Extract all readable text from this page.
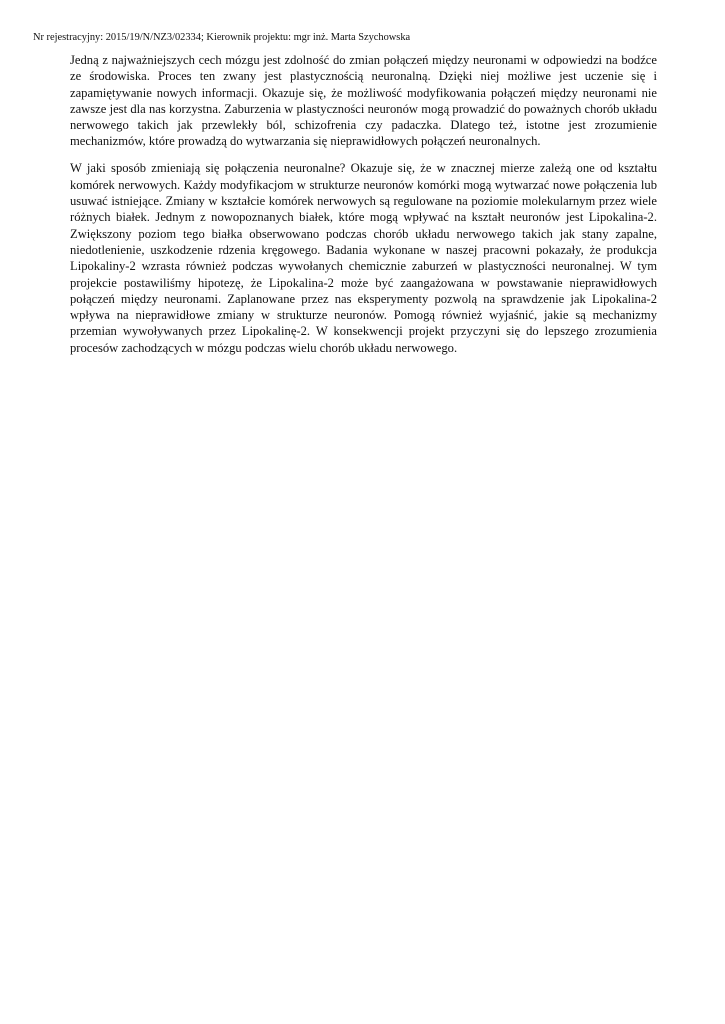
Nr rejestracyjny: 2015/19/N/NZ3/02334; Kierownik projektu: mgr inż. Marta Szychowska

Jedną z najważniejszych cech mózgu jest zdolność do zmian połączeń między neuronami w odpowiedzi na bodźce ze środowiska. Proces ten zwany jest plastycznością neuronalną. Dzięki niej możliwe jest uczenie się i zapamiętywanie nowych informacji. Okazuje się, że możliwość modyfikowania połączeń między neuronami nie zawsze jest dla nas korzystna. Zaburzenia w plastyczności neuronów mogą prowadzić do poważnych chorób układu nerwowego takich jak przewlekły ból, schizofrenia czy padaczka. Dlatego też, istotne jest zrozumienie mechanizmów, które prowadzą do wytwarzania się nieprawidłowych połączeń neuronalnych.

W jaki sposób zmieniają się połączenia neuronalne? Okazuje się, że w znacznej mierze zależą one od kształtu komórek nerwowych. Każdy modyfikacjom w strukturze neuronów komórki mogą wytwarzać nowe połączenia lub usuwać istniejące. Zmiany w kształcie komórek nerwowych są regulowane na poziomie molekularnym przez wiele różnych białek. Jednym z nowopoznanych białek, które mogą wpływać na kształt neuronów jest Lipokalina-2. Zwiększony poziom tego białka obserwowano podczas chorób układu nerwowego takich jak stany zapalne, niedotlenienie, uszkodzenie rdzenia kręgowego. Badania wykonane w naszej pracowni pokazały, że produkcja Lipokaliny-2 wzrasta również podczas wywołanych chemicznie zaburzeń w plastyczności neuronalnej. W tym projekcie postawiliśmy hipotezę, że Lipokalina-2 może być zaangażowana w powstawanie nieprawidłowych połączeń między neuronami. Zaplanowane przez nas eksperymenty pozwolą na sprawdzenie jak Lipokalina-2 wpływa na nieprawidłowe zmiany w strukturze neuronów. Pomogą również wyjaśnić, jakie są mechanizmy przemian wywoływanych przez Lipokalinę-2. W konsekwencji projekt przyczyni się do lepszego zrozumienia procesów zachodzących w mózgu podczas wielu chorób układu nerwowego.
